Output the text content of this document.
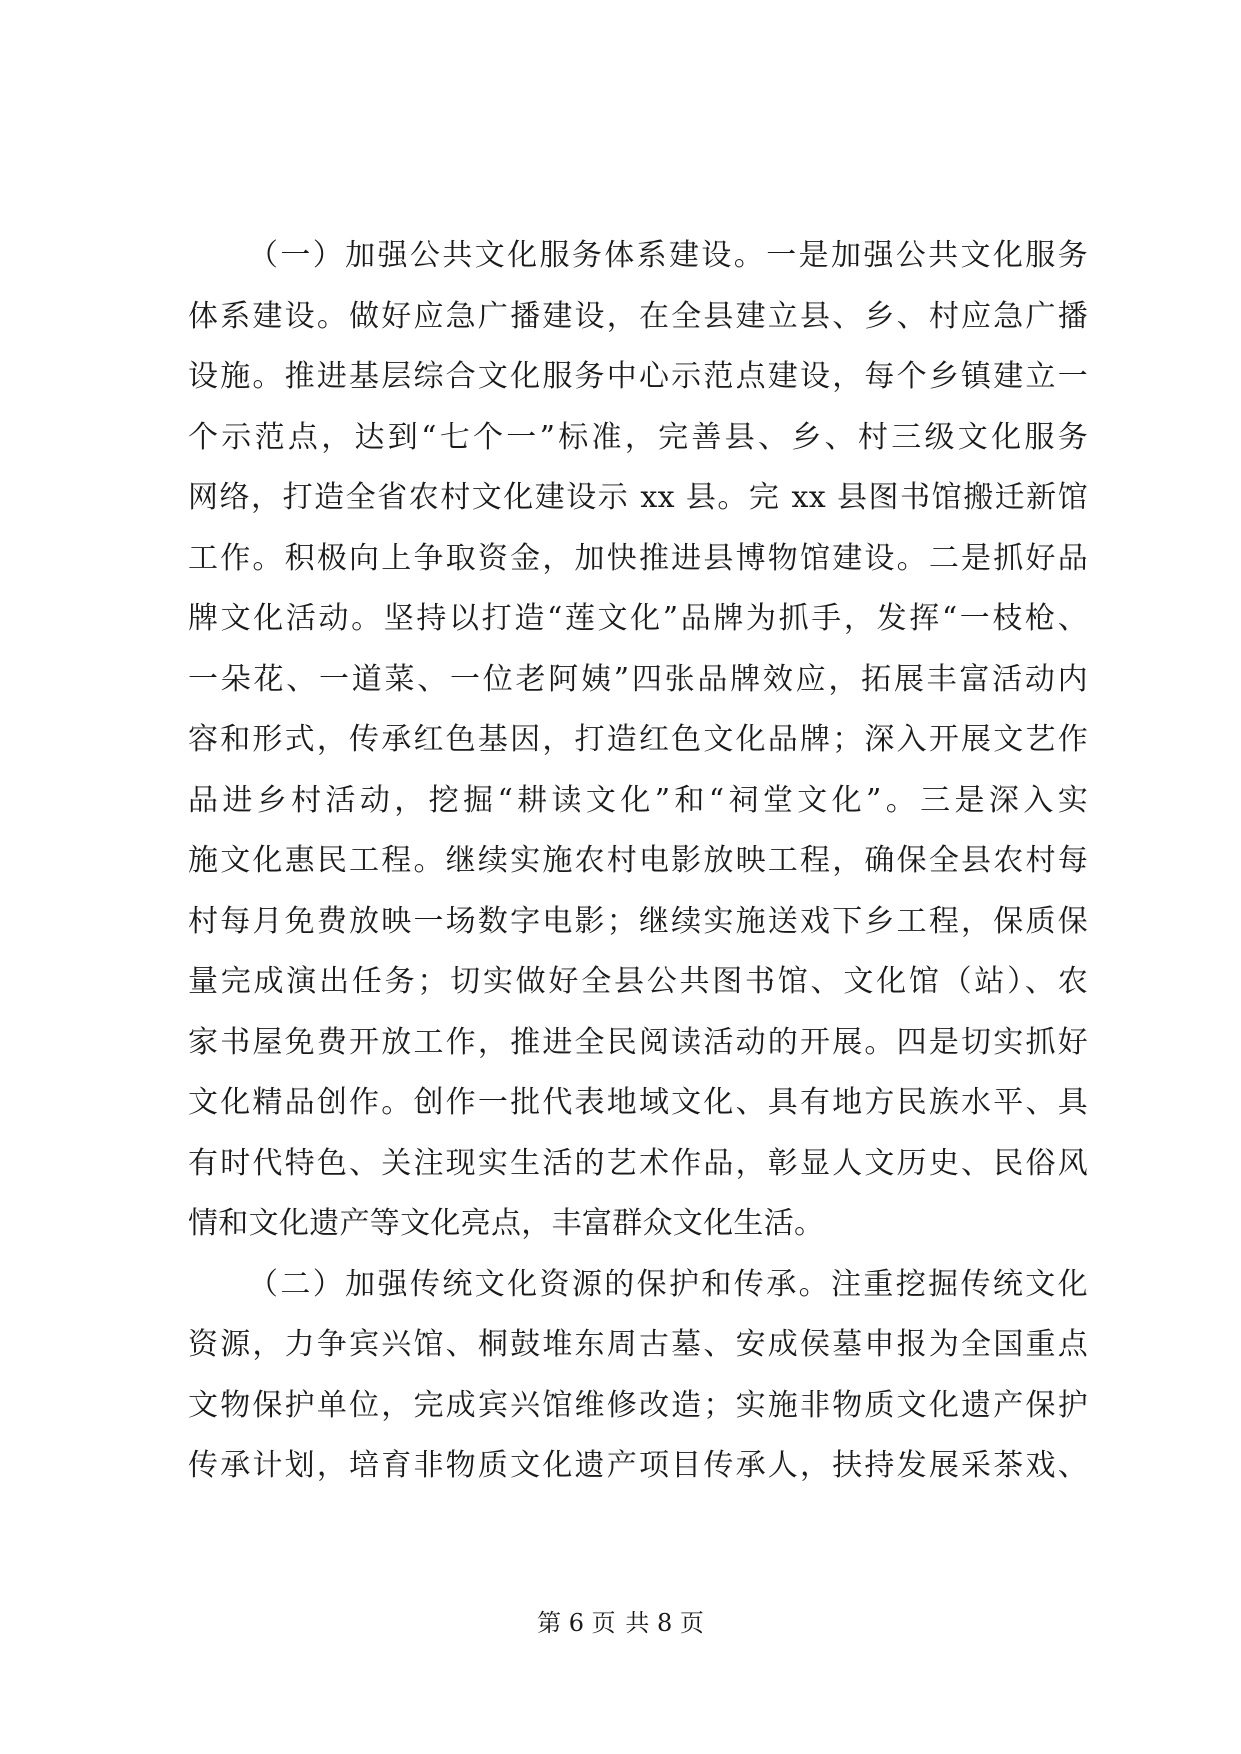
（一）加强公共文化服务体系建设。一是加强公共文化服务
体系建设。做好应急广播建设，在全县建立县、乡、村应急广播
设施。推进基层综合文化服务中心示范点建设，每个乡镇建立一
个示范点，达到“七个一”标准，完善县、乡、村三级文化服务
网络，打造全省农村文化建设示 xx 县。完 xx 县图书馆搬迁新馆
工作。积极向上争取资金，加快推进县博物馆建设。二是抓好品
牌文化活动。坚持以打造“莲文化”品牌为抓手，发挥“一枝枪、
一朵花、一道菜、一位老阿姨”四张品牌效应，拓展丰富活动内
容和形式，传承红色基因，打造红色文化品牌；深入开展文艺作
品进乡村活动，挖掘“耕读文化”和“祠堂文化”。三是深入实
施文化惠民工程。继续实施农村电影放映工程，确保全县农村每
村每月免费放映一场数字电影；继续实施送戏下乡工程，保质保
量完成演出任务；切实做好全县公共图书馆、文化馆（站）、农
家书屋免费开放工作，推进全民阅读活动的开展。四是切实抓好
文化精品创作。创作一批代表地域文化、具有地方民族水平、具
有时代特色、关注现实生活的艺术作品，彰显人文历史、民俗风
情和文化遗产等文化亮点，丰富群众文化生活。
（二）加强传统文化资源的保护和传承。注重挖掘传统文化
资源，力争宾兴馆、桐鼓堆东周古墓、安成侯墓申报为全国重点
文物保护单位，完成宾兴馆维修改造；实施非物质文化遗产保护
传承计划，培育非物质文化遗产项目传承人，扶持发展采茶戏、
第 6 页 共 8 页
